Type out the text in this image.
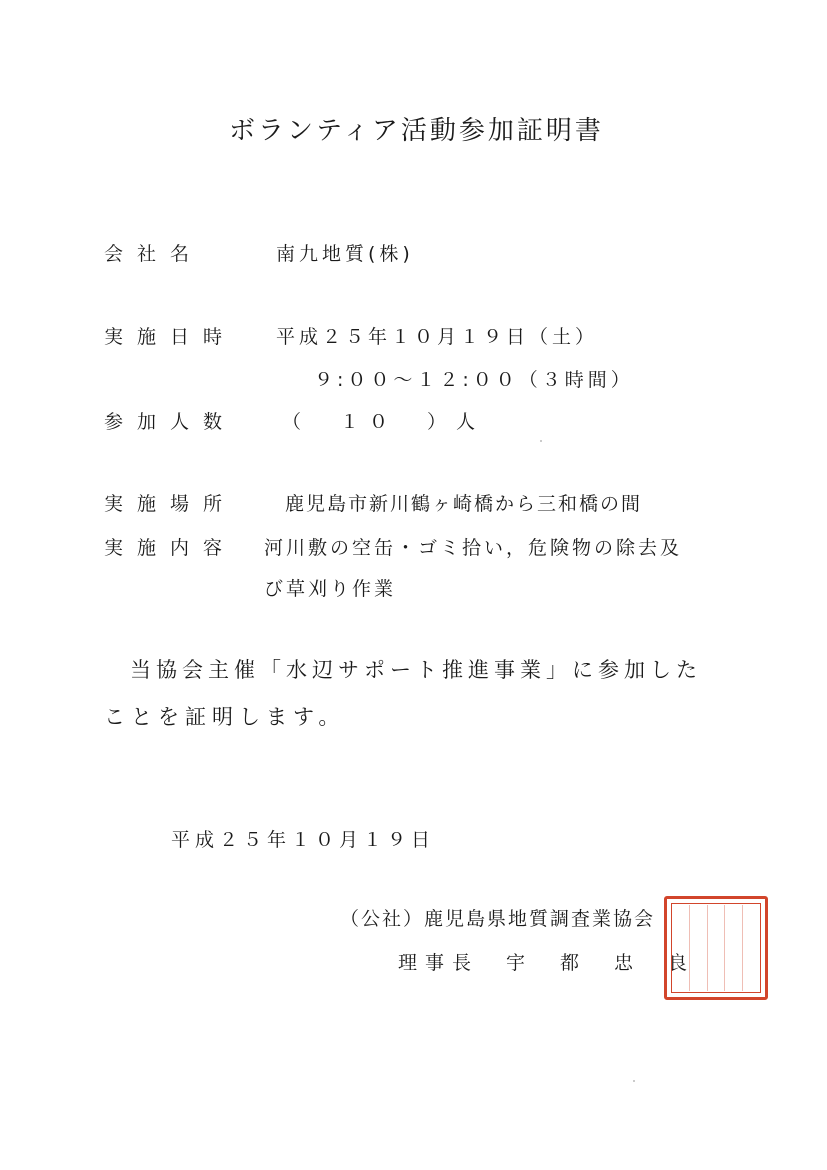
ボランティア活動参加証明書
会社名	南九地質(株)
実施日時 平成２５年１０月１９日（土）
９:００～１２:００（３時間）
参加人数 （　１０　）人
実施場所	鹿児島市新川鶴ヶ崎橋から三和橋の間
実施内容 河川敷の空缶・ゴミ拾い，危険物の除去及
び草刈り作業
当協会主催「水辺サポート推進事業」に参加した
ことを証明します。
平成２５年１０月１９日
（公社）鹿児島県地質調査業協会
理事長　宇　都　忠　良
